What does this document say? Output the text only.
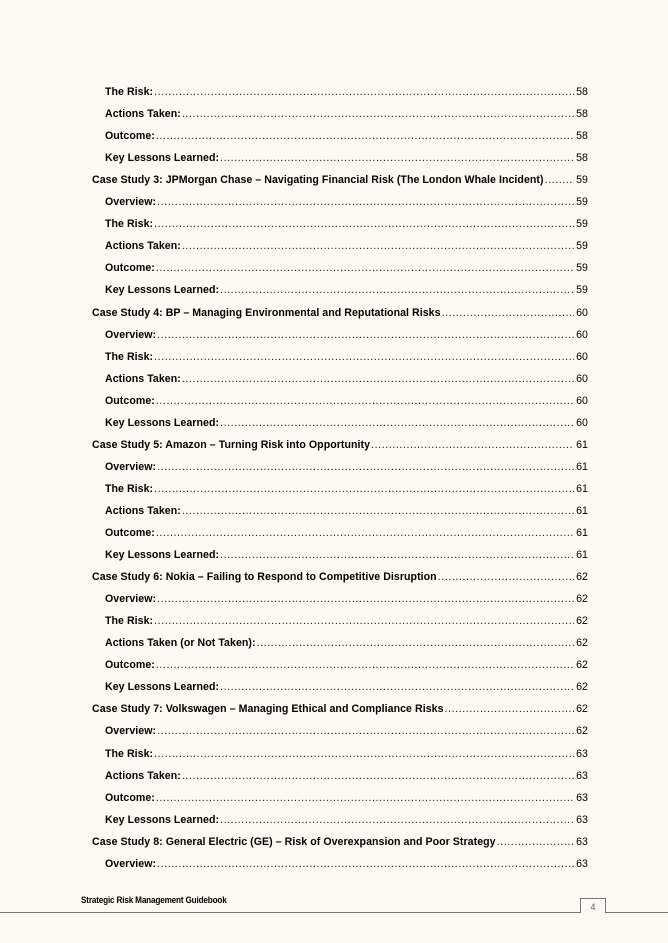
The Risk: .....	58
Actions Taken: .....	58
Outcome: .....	58
Key Lessons Learned: .....	58
Case Study 3: JPMorgan Chase – Navigating Financial Risk (The London Whale Incident) .....	59
Overview: .....	59
The Risk: .....	59
Actions Taken: .....	59
Outcome: .....	59
Key Lessons Learned: .....	59
Case Study 4: BP – Managing Environmental and Reputational Risks .....	60
Overview: .....	60
The Risk: .....	60
Actions Taken: .....	60
Outcome: .....	60
Key Lessons Learned: .....	60
Case Study 5: Amazon – Turning Risk into Opportunity .....	61
Overview: .....	61
The Risk: .....	61
Actions Taken: .....	61
Outcome: .....	61
Key Lessons Learned: .....	61
Case Study 6: Nokia – Failing to Respond to Competitive Disruption .....	62
Overview: .....	62
The Risk: .....	62
Actions Taken (or Not Taken): .....	62
Outcome: .....	62
Key Lessons Learned: .....	62
Case Study 7: Volkswagen – Managing Ethical and Compliance Risks .....	62
Overview: .....	62
The Risk: .....	63
Actions Taken: .....	63
Outcome: .....	63
Key Lessons Learned: .....	63
Case Study 8: General Electric (GE) – Risk of Overexpansion and Poor Strategy .....	63
Overview: .....	63
Strategic Risk Management Guidebook
4
